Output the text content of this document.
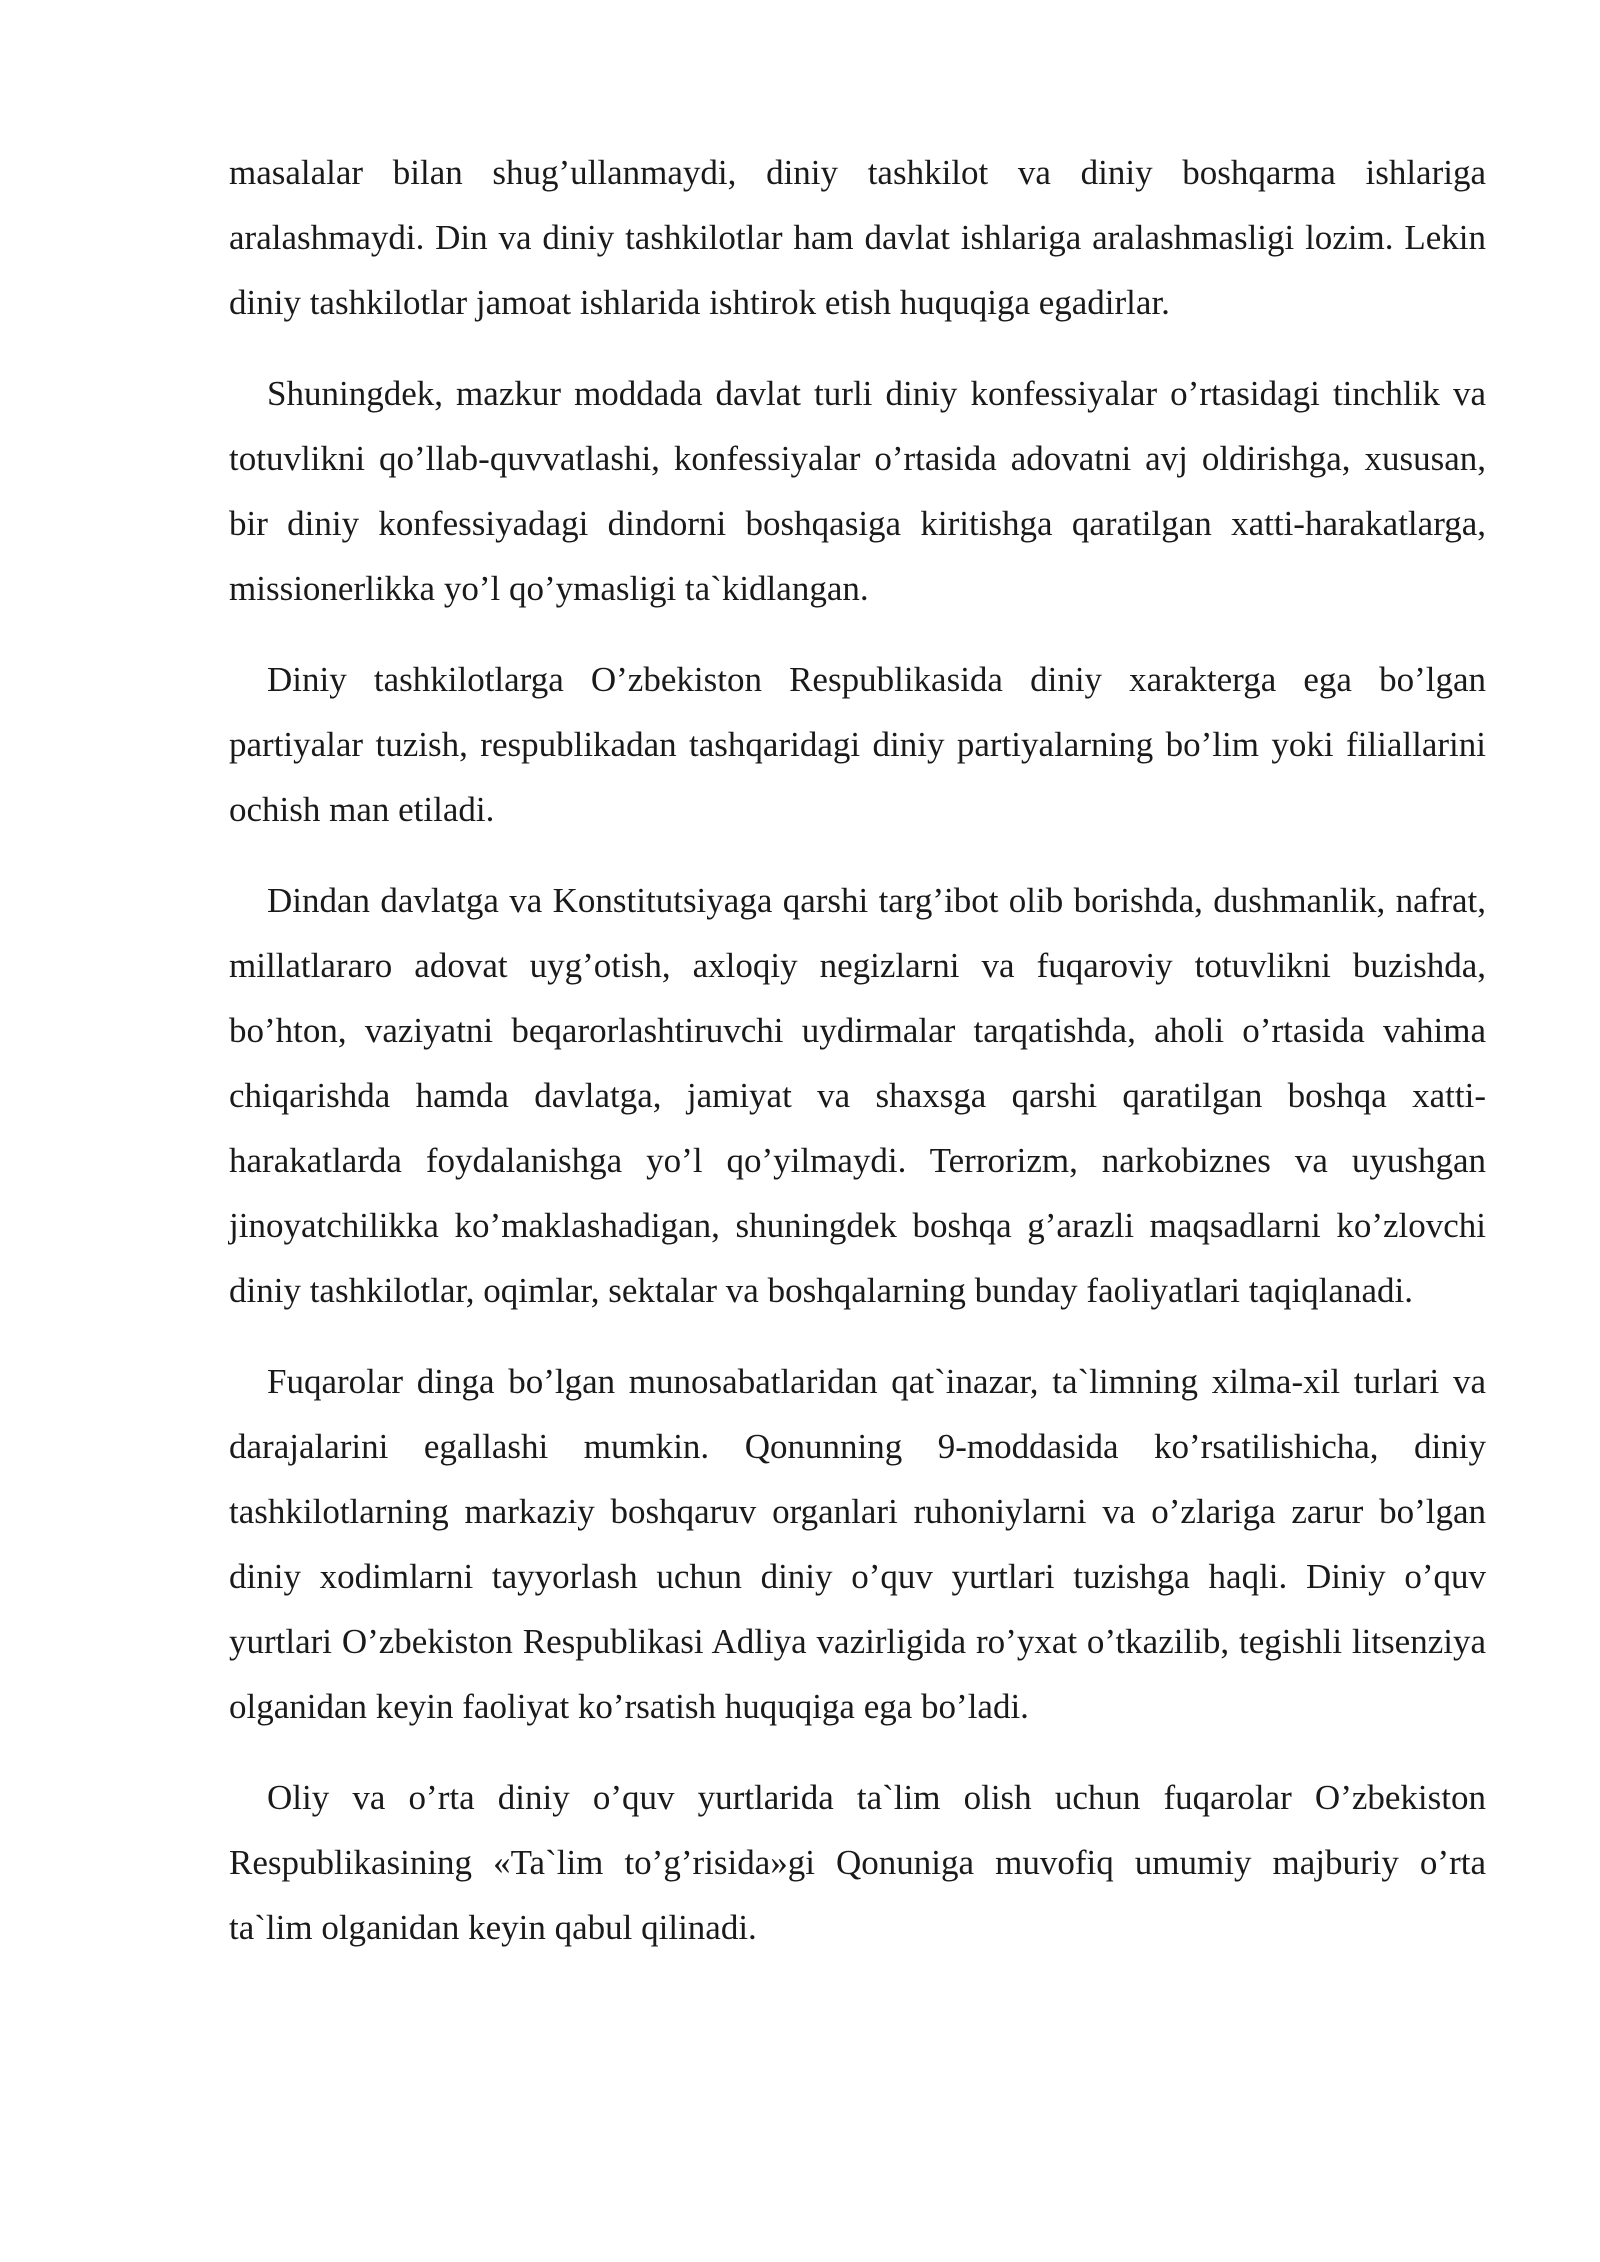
masalalar bilan shug’ullanmaydi, diniy tashkilot va diniy boshqarma ishlariga aralashmaydi. Din va diniy tashkilotlar ham davlat ishlariga aralashmasligi lozim. Lekin diniy tashkilotlar jamoat ishlarida ishtirok etish huquqiga egadirlar.

Shuningdek, mazkur moddada davlat turli diniy konfessiyalar o’rtasidagi tinchlik va totuvlikni qo’llab-quvvatlashi, konfessiyalar o’rtasida adovatni avj oldirishga, xususan, bir diniy konfessiyadagi dindorni boshqasiga kiritishga qaratilgan xatti-harakatlarga, missionerlikka yo’l qo’ymasligi ta`kidlangan.

Diniy tashkilotlarga O’zbekiston Respublikasida diniy xarakterga ega bo’lgan partiyalar tuzish, respublikadan tashqaridagi diniy partiyalarning bo’lim yoki filiallarini ochish man etiladi.

Dindan davlatga va Konstitutsiyaga qarshi targ’ibot olib borishda, dushmanlik, nafrat, millatlararo adovat uyg’otish, axloqiy negizlarni va fuqaroviy totuvlikni buzishda, bo’hton, vaziyatni beqarorlashtiruvchi uydirmalar tarqatishda, aholi o’rtasida vahima chiqarishda hamda davlatga, jamiyat va shaxsga qarshi qaratilgan boshqa xatti-harakatlarda foydalanishga yo’l qo’yilmaydi. Terrorizm, narkobiznes va uyushgan jinoyatchilikka ko’maklashadigan, shuningdek boshqa g’arazli maqsadlarni ko’zlovchi diniy tashkilotlar, oqimlar, sektalar va boshqalarning bunday faoliyatlari taqiqlanadi.

Fuqarolar dinga bo’lgan munosabatlaridan qat`inazar, ta`limning xilma-xil turlari va darajalarini egallashi mumkin. Qonunning 9-moddasida ko’rsatilishicha, diniy tashkilotlarning markaziy boshqaruv organlari ruhoniylarni va o’zlariga zarur bo’lgan diniy xodimlarni tayyorlash uchun diniy o’quv yurtlari tuzishga haqli. Diniy o’quv yurtlari O’zbekiston Respublikasi Adliya vazirligida ro’yxat o’tkazilib, tegishli litsenziya olganidan keyin faoliyat ko’rsatish huquqiga ega bo’ladi.

Oliy va o’rta diniy o’quv yurtlarida ta`lim olish uchun fuqarolar O’zbekiston Respublikasining «Ta`lim to’g’risida»gi Qonuniga muvofiq umumiy majburiy o’rta ta`lim olganidan keyin qabul qilinadi.
